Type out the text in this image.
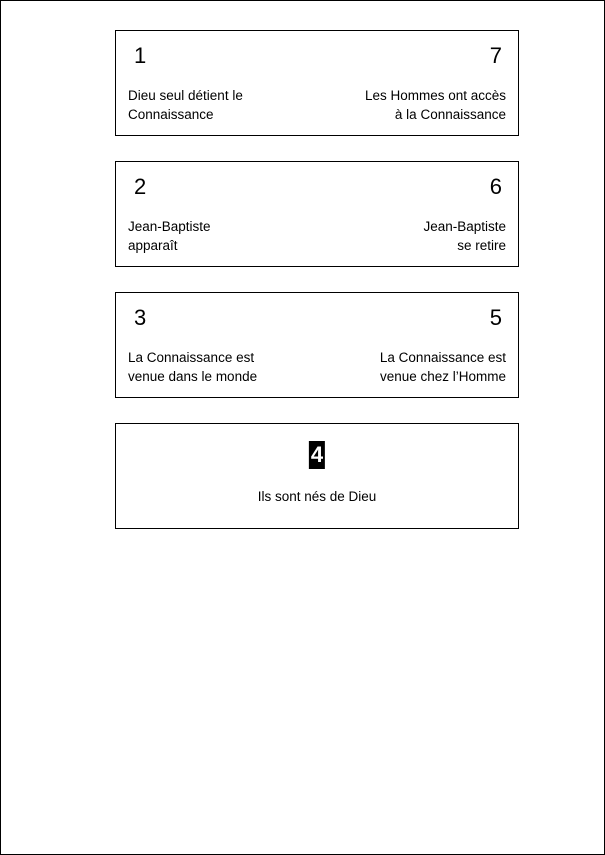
1	7
Dieu seul détient le
Connaissance
Les Hommes ont accès
à la Connaissance
2	6
Jean-Baptiste
apparaît
Jean-Baptiste
se retire
3	5
La Connaissance est
venue dans le monde
La Connaissance est
venue chez l’Homme
4
Ils sont nés de Dieu
